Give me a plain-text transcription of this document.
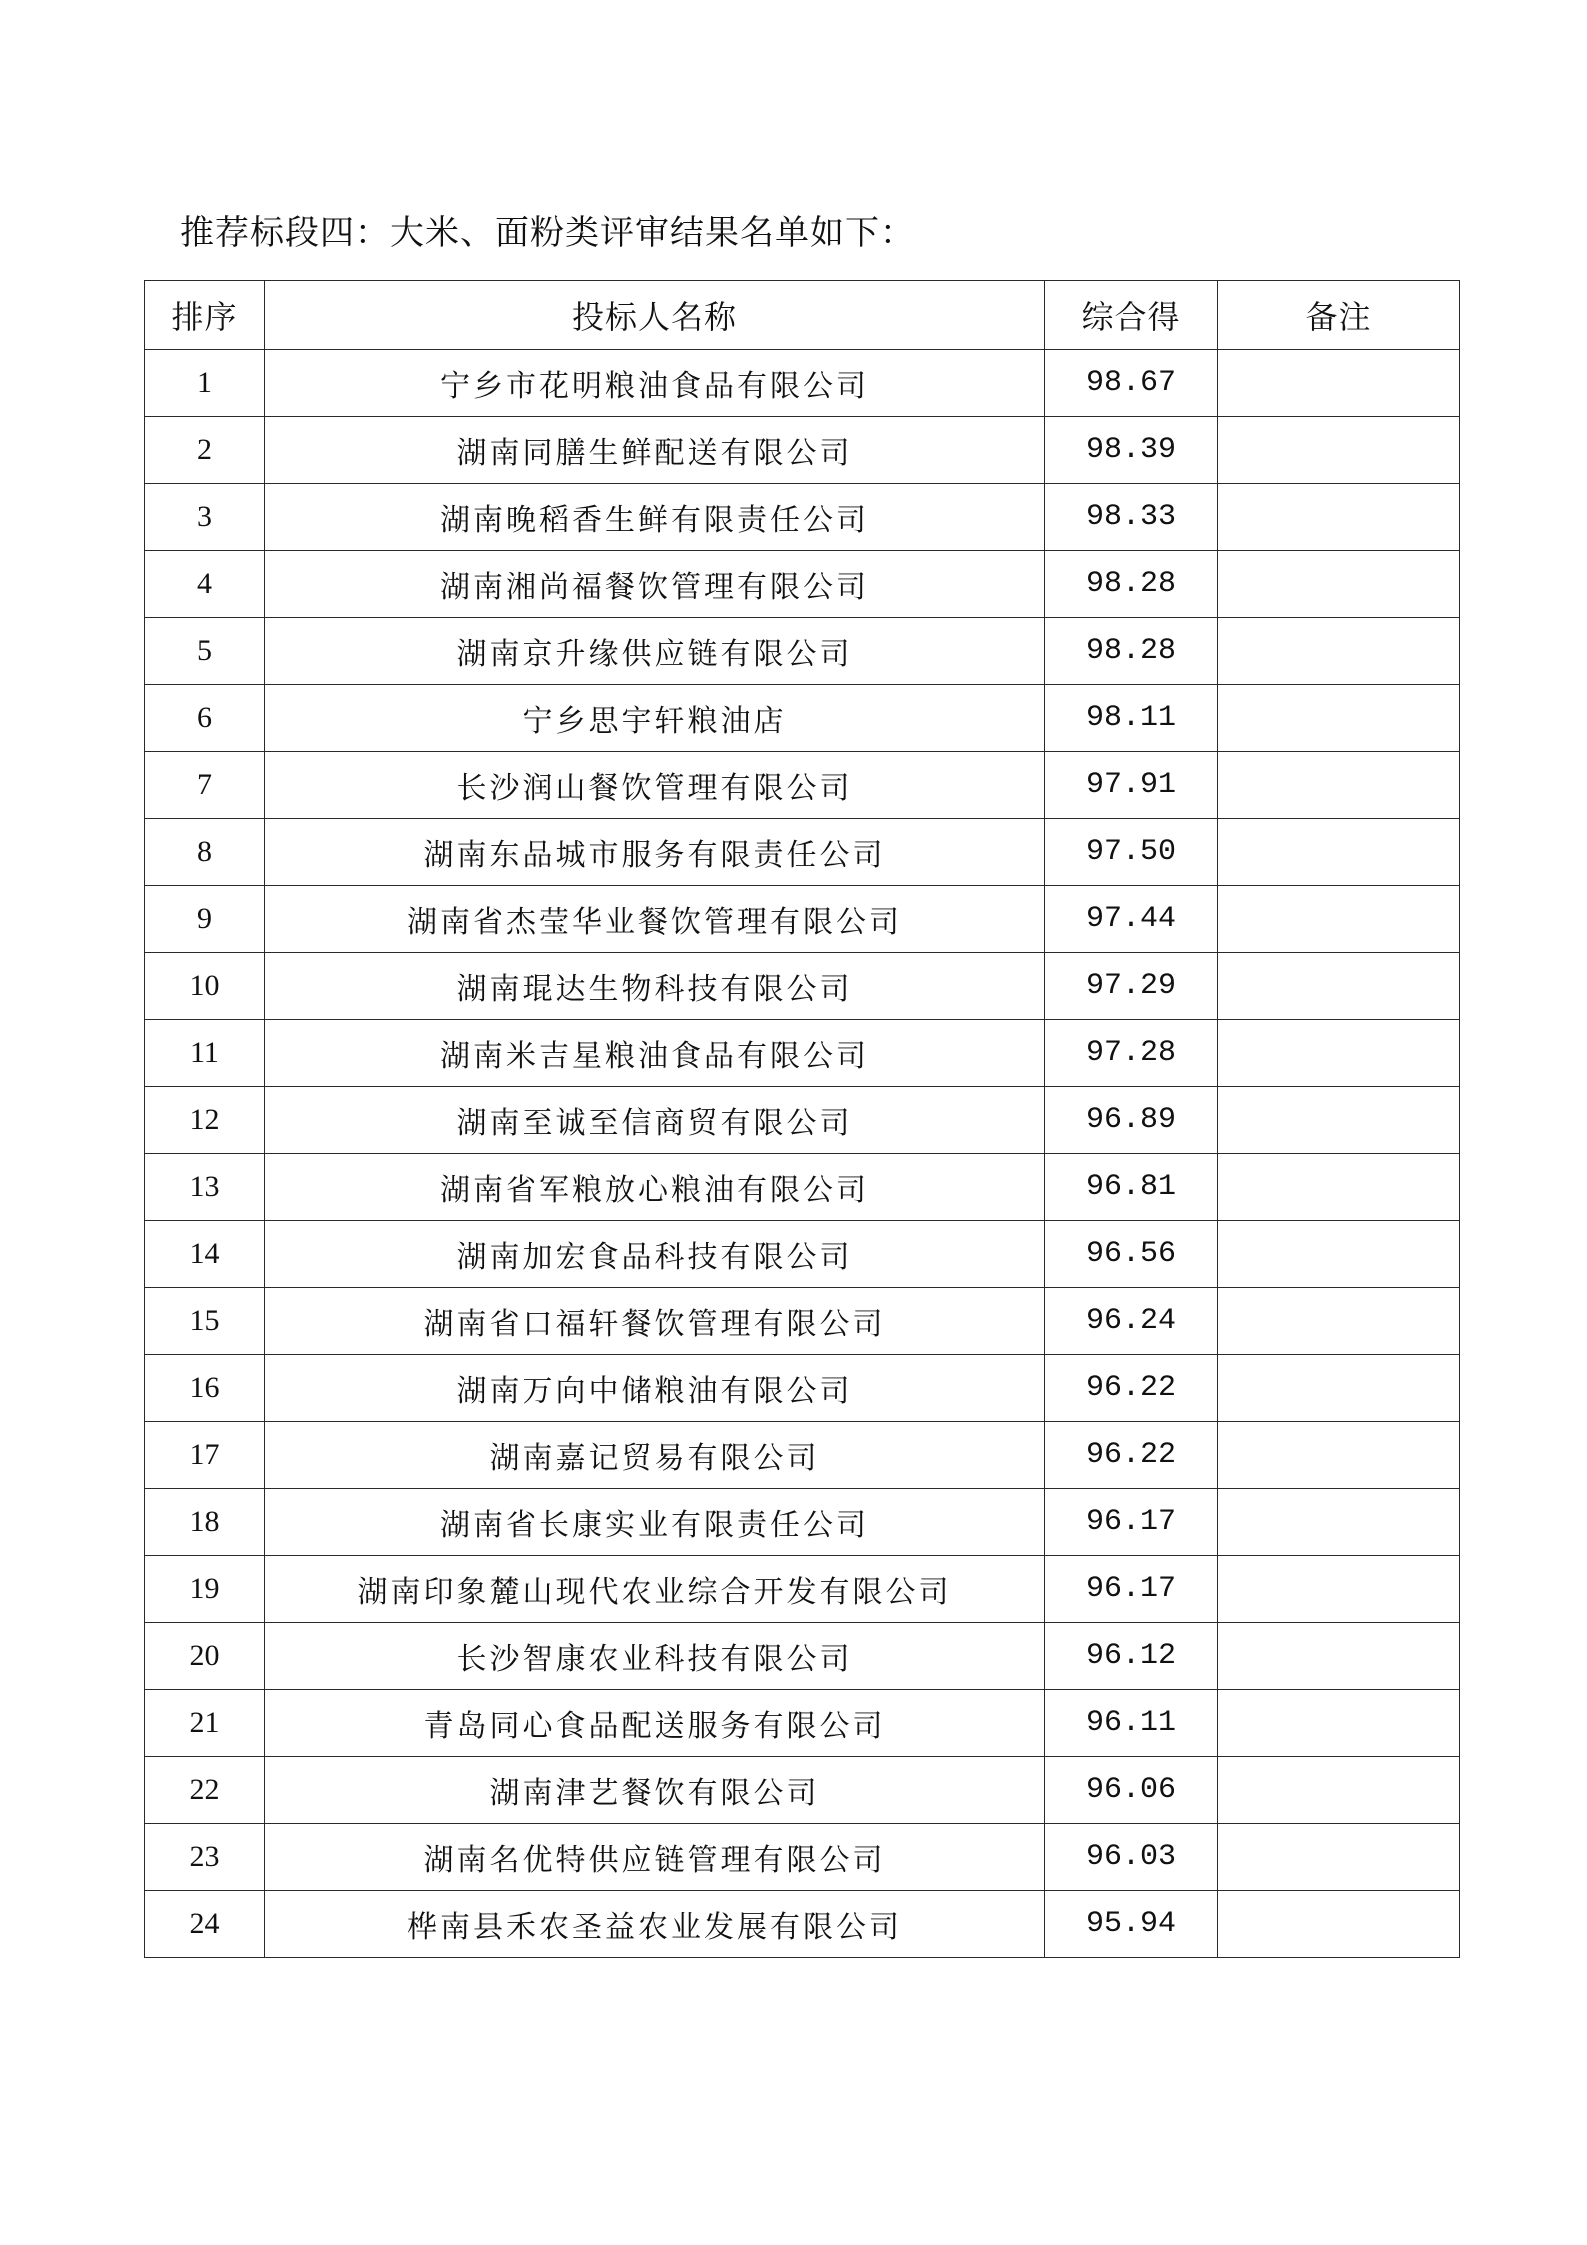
推荐标段四：大米、面粉类评审结果名单如下：
排序	投标人名称	综合得	备注
1	宁乡市花明粮油食品有限公司	98.67	
2	湖南同膳生鲜配送有限公司	98.39	
3	湖南晚稻香生鲜有限责任公司	98.33	
4	湖南湘尚福餐饮管理有限公司	98.28	
5	湖南京升缘供应链有限公司	98.28	
6	宁乡思宇轩粮油店	98.11	
7	长沙润山餐饮管理有限公司	97.91	
8	湖南东品城市服务有限责任公司	97.50	
9	湖南省杰莹华业餐饮管理有限公司	97.44	
10	湖南琨达生物科技有限公司	97.29	
11	湖南米吉星粮油食品有限公司	97.28	
12	湖南至诚至信商贸有限公司	96.89	
13	湖南省军粮放心粮油有限公司	96.81	
14	湖南加宏食品科技有限公司	96.56	
15	湖南省口福轩餐饮管理有限公司	96.24	
16	湖南万向中储粮油有限公司	96.22	
17	湖南嘉记贸易有限公司	96.22	
18	湖南省长康实业有限责任公司	96.17	
19	湖南印象麓山现代农业综合开发有限公司	96.17	
20	长沙智康农业科技有限公司	96.12	
21	青岛同心食品配送服务有限公司	96.11	
22	湖南津艺餐饮有限公司	96.06	
23	湖南名优特供应链管理有限公司	96.03	
24	桦南县禾农圣益农业发展有限公司	95.94	
